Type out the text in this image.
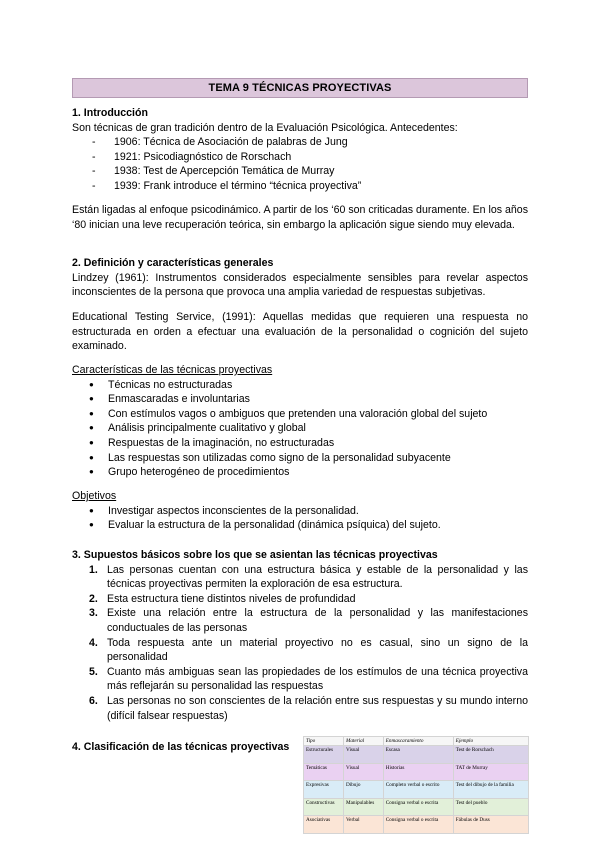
TEMA 9 TÉCNICAS PROYECTIVAS
1. Introducción
Son técnicas de gran tradición dentro de la Evaluación Psicológica. Antecedentes:
- 1906: Técnica de Asociación de palabras de Jung
- 1921: Psicodiagnóstico de Rorschach
- 1938: Test de Apercepción Temática de Murray
- 1939: Frank introduce el término “técnica proyectiva”
Están ligadas al enfoque psicodinámico. A partir de los ‘60 son criticadas duramente. En los años ‘80 inician una leve recuperación teórica, sin embargo la aplicación sigue siendo muy elevada.
2. Definición y características generales
Lindzey (1961): Instrumentos considerados especialmente sensibles para revelar aspectos inconscientes de la persona que provoca una amplia variedad de respuestas subjetivas.
Educational Testing Service, (1991): Aquellas medidas que requieren una respuesta no estructurada en orden a efectuar una evaluación de la personalidad o cognición del sujeto examinado.
Características de las técnicas proyectivas
● Técnicas no estructuradas
● Enmascaradas e involuntarias
● Con estímulos vagos o ambiguos que pretenden una valoración global del sujeto
● Análisis principalmente cualitativo y global
● Respuestas de la imaginación, no estructuradas
● Las respuestas son utilizadas como signo de la personalidad subyacente
● Grupo heterogéneo de procedimientos
Objetivos
● Investigar aspectos inconscientes de la personalidad.
● Evaluar la estructura de la personalidad (dinámica psíquica) del sujeto.
3. Supuestos básicos sobre los que se asientan las técnicas proyectivas
1. Las personas cuentan con una estructura básica y estable de la personalidad y las técnicas proyectivas permiten la exploración de esa estructura.
2. Esta estructura tiene distintos niveles de profundidad
3. Existe una relación entre la estructura de la personalidad y las manifestaciones conductuales de las personas
4. Toda respuesta ante un material proyectivo no es casual, sino un signo de la personalidad
5. Cuanto más ambiguas sean las propiedades de los estímulos de una técnica proyectiva más reflejarán su personalidad las respuestas
6. Las personas no son conscientes de la relación entre sus respuestas y su mundo interno (difícil falsear respuestas)
4. Clasificación de las técnicas proyectivas	Tipo	Material	Enmascaramiento	Ejemplo
Estructurales	Visual	Escasa	Test de Rorschach
Temáticas	Visual	Historias	TAT de Murray
Expresivas	Dibujo	Completo verbal o escrito	Test del dibujo de la familia
Constructivas	Manipulables	Consigna verbal o escrita	Test del pueblo
Asociativas	Verbal	Consigna verbal o escrita	Fábulas de Duss
